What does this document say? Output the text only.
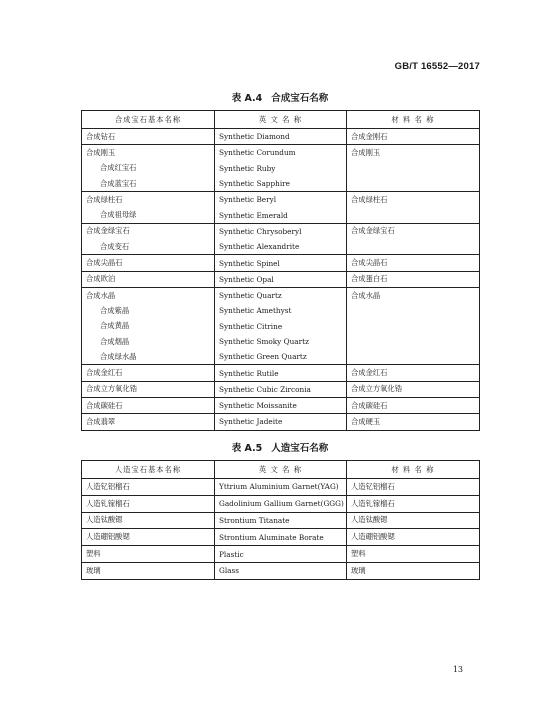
GB/T 16552—2017
表 A.4 合成宝石名称
合成宝石基本名称	英 文 名 称	材 料 名 称
合成钻石	Synthetic Diamond	合成金刚石
合成刚玉	Synthetic Corundum	合成刚玉
合成红宝石	Synthetic Ruby	
合成蓝宝石	Synthetic Sapphire	
合成绿柱石	Synthetic Beryl	合成绿柱石
合成祖母绿	Synthetic Emerald	
合成金绿宝石	Synthetic Chrysoberyl	合成金绿宝石
合成变石	Synthetic Alexandrite	
合成尖晶石	Synthetic Spinel	合成尖晶石
合成欧泊	Synthetic Opal	合成蛋白石
合成水晶	Synthetic Quartz	合成水晶
合成紫晶	Synthetic Amethyst	
合成黄晶	Synthetic Citrine	
合成烟晶	Synthetic Smoky Quartz	
合成绿水晶	Synthetic Green Quartz	
合成金红石	Synthetic Rutile	合成金红石
合成立方氧化锆	Synthetic Cubic Zirconia	合成立方氧化锆
合成碳硅石	Synthetic Moissanite	合成碳硅石
合成翡翠	Synthetic Jadeite	合成硬玉
表 A.5 人造宝石名称
人造宝石基本名称	英 文 名 称	材 料 名 称
人造钇铝榴石	Yttrium Aluminium Garnet(YAG)	人造钇铝榴石
人造钆镓榴石	Gadolinium Gallium Garnet(GGG)	人造钆镓榴石
人造钛酸锶	Strontium Titanate	人造钛酸锶
人造硼铝酸锶	Strontium Aluminate Borate	人造硼铝酸锶
塑料	Plastic	塑料
玻璃	Glass	玻璃
13
